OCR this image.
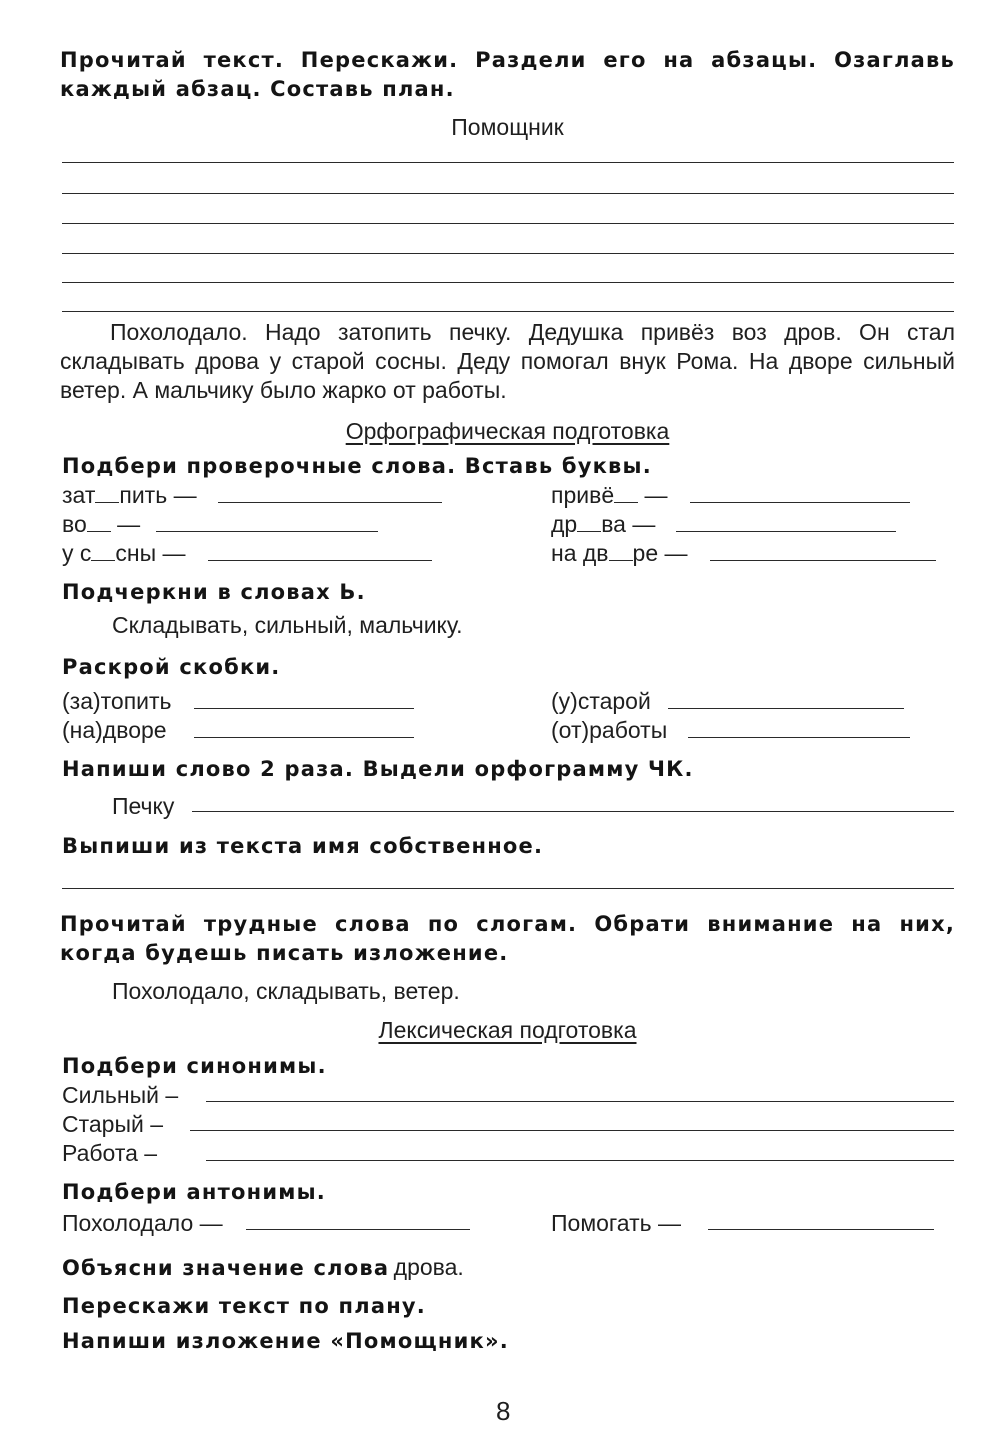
Прочитай текст. Перескажи. Раздели его на абзацы. Озаглавь каждый абзац. Составь план.
Помощник
Похолодало. Надо затопить печку. Дедушка привёз воз дров. Он стал складывать дрова у старой сосны. Деду помогал внук Рома. На дворе сильный ветер. А мальчику было жарко от работы.
Орфографическая подготовка
Подбери проверочные слова. Вставь буквы.
зат пить —
во —
у с сны —
привё —
др ва —
на дв ре —
Подчеркни в словах Ь.
Складывать, сильный, мальчику.
Раскрой скобки.
(за)топить
(на)дворе
(у)старой
(от)работы
Напиши слово 2 раза. Выдели орфограмму ЧК.
Печку
Выпиши из текста имя собственное.
Прочитай трудные слова по слогам. Обрати внимание на них, когда будешь писать изложение.
Похолодало, складывать, ветер.
Лексическая подготовка
Подбери синонимы.
Сильный –
Старый –
Работа –
Подбери антонимы.
Похолодало —	Помогать —
Объясни значение слова дрова.
Перескажи текст по плану.
Напиши изложение «Помощник».
8
